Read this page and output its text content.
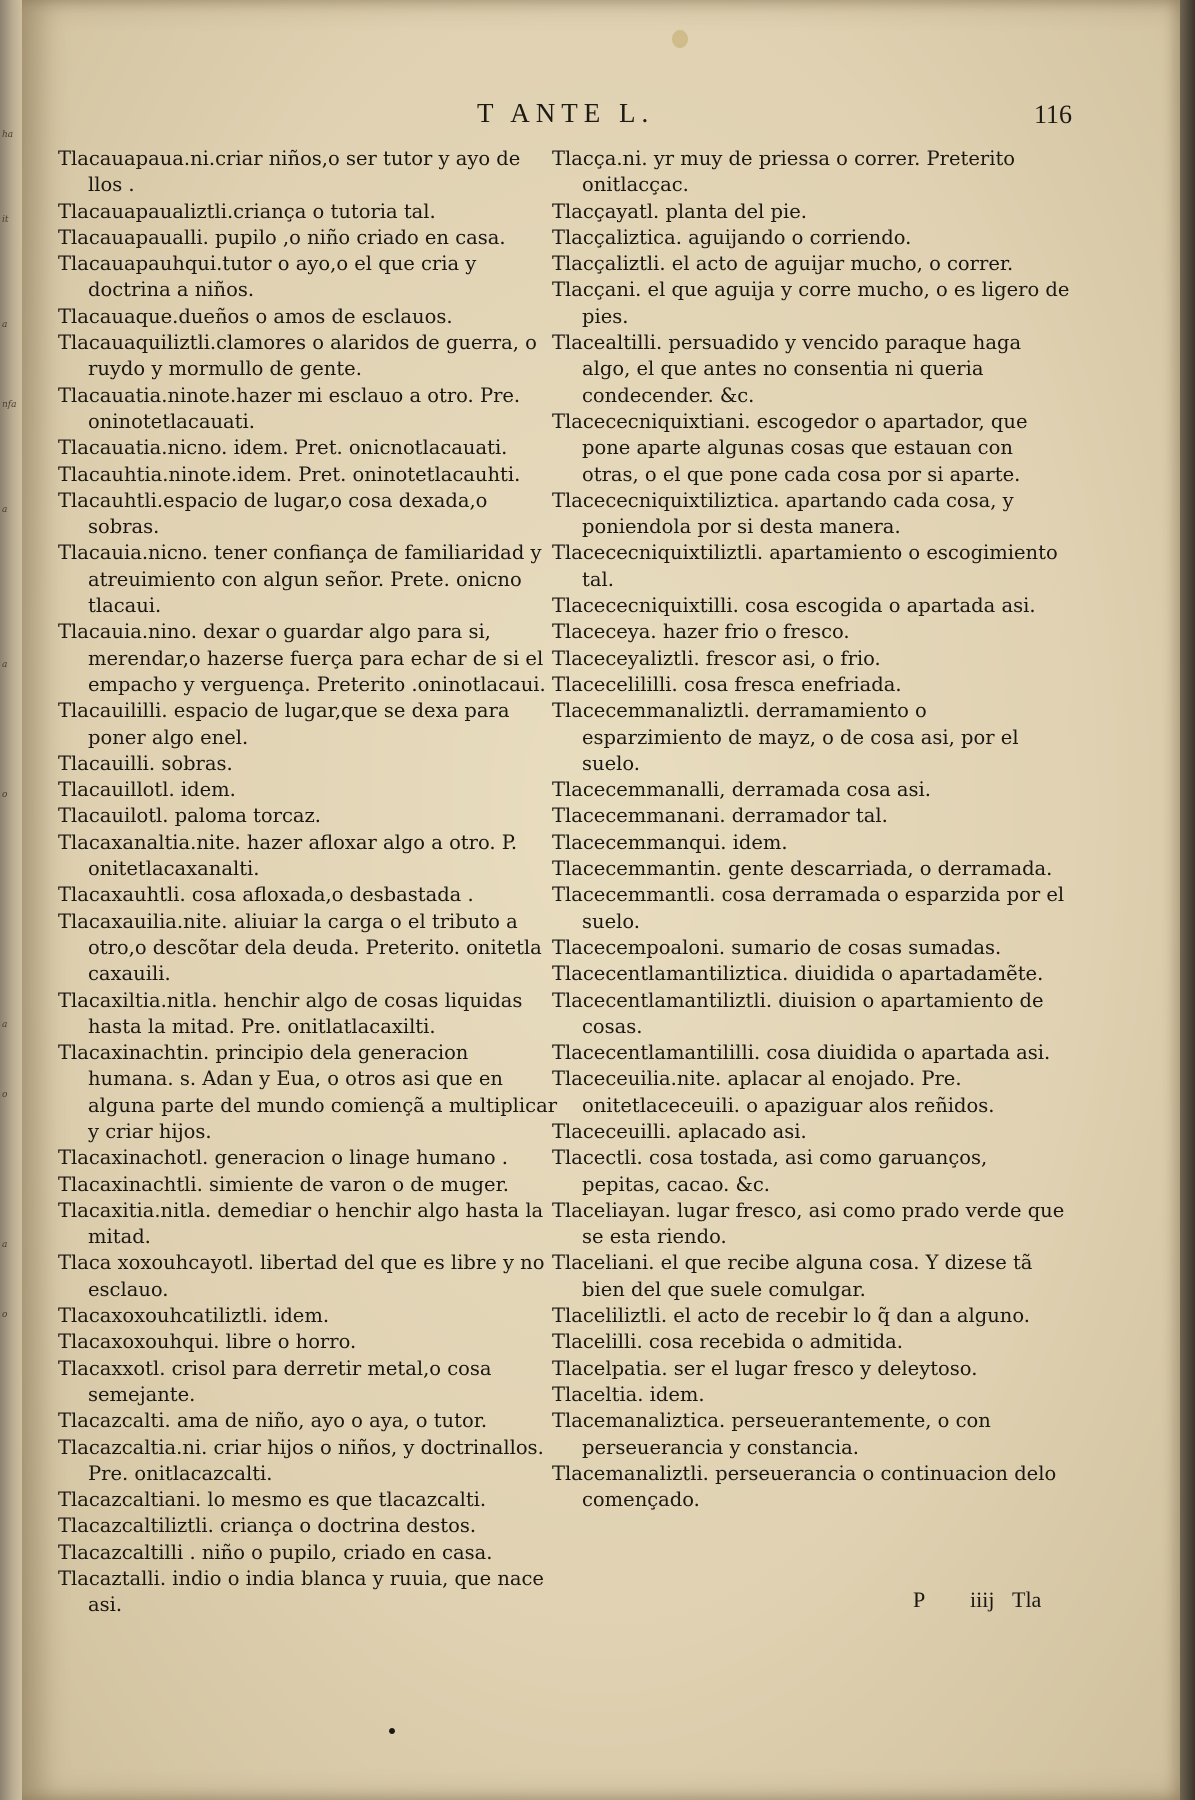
ha
it
a
nfa
a
a
o
a
o
a
o
T ANTE L.	116
Tlacauapaua.ni.criar niños,o ser tutor y ayo de llos .
Tlacauapaualiztli.criança o tutoria tal.
Tlacauapaualli. pupilo ,o niño criado en casa.
Tlacauapauhqui.tutor o ayo,o el que cria y doctrina a niños.
Tlacauaque.dueños o amos de esclauos.
Tlacauaquiliztli.clamores o alaridos de guerra, o ruydo y mormullo de gente.
Tlacauatia.ninote.hazer mi esclauo a otro. Pre. oninotetlacauati.
Tlacauatia.nicno. idem. Pret. onicnotlacauati.
Tlacauhtia.ninote.idem. Pret. oninotetlacauhti.
Tlacauhtli.espacio de lugar,o cosa dexada,o sobras.
Tlacauia.nicno. tener confiança de familiaridad y atreuimiento con algun señor. Prete. onicno tlacaui.
Tlacauia.nino. dexar o guardar algo para si, merendar,o hazerse fuerça para echar de si el empacho y verguença. Preterito .oninotlacaui.
Tlacauililli. espacio de lugar,que se dexa para poner algo enel.
Tlacauilli. sobras.
Tlacauillotl. idem.
Tlacauilotl. paloma torcaz.
Tlacaxanaltia.nite. hazer afloxar algo a otro. P. onitetlacaxanalti.
Tlacaxauhtli. cosa afloxada,o desbastada .
Tlacaxauilia.nite. aliuiar la carga o el tributo a otro,o descõtar dela deuda. Preterito. onitetla caxauili.
Tlacaxiltia.nitla. henchir algo de cosas liquidas hasta la mitad. Pre. onitlatlacaxilti.
Tlacaxinachtin. principio dela generacion humana. s. Adan y Eua, o otros asi que en alguna parte del mundo comiençã a multiplicar y criar hijos.
Tlacaxinachotl. generacion o linage humano .
Tlacaxinachtli. simiente de varon o de muger.
Tlacaxitia.nitla. demediar o henchir algo hasta la mitad.
Tlaca xoxouhcayotl. libertad del que es libre y no esclauo.
Tlacaxoxouhcatiliztli. idem.
Tlacaxoxouhqui. libre o horro.
Tlacaxxotl. crisol para derretir metal,o cosa semejante.
Tlacazcalti. ama de niño, ayo o aya, o tutor.
Tlacazcaltia.ni. criar hijos o niños, y doctrinallos. Pre. onitlacazcalti.
Tlacazcaltiani. lo mesmo es que tlacazcalti.
Tlacazcaltiliztli. criança o doctrina destos.
Tlacazcaltilli . niño o pupilo, criado en casa.
Tlacaztalli. indio o india blanca y ruuia, que nace asi.
Tlacça.ni. yr muy de priessa o correr. Preterito onitlacçac.
Tlacçayatl. planta del pie.
Tlacçaliztica. aguijando o corriendo.
Tlacçaliztli. el acto de aguijar mucho, o correr.
Tlacçani. el que aguija y corre mucho, o es ligero de pies.
Tlacealtilli. persuadido y vencido paraque haga algo, el que antes no consentia ni queria condecender. &c.
Tlacececniquixtiani. escogedor o apartador, que pone aparte algunas cosas que estauan con otras, o el que pone cada cosa por si aparte.
Tlacececniquixtiliztica. apartando cada cosa, y poniendola por si desta manera.
Tlacececniquixtiliztli. apartamiento o escogimiento tal.
Tlacececniquixtilli. cosa escogida o apartada asi.
Tlaceceya. hazer frio o fresco.
Tlaceceyaliztli. frescor asi, o frio.
Tlacecelililli. cosa fresca enefriada.
Tlacecemmanaliztli. derramamiento o esparzimiento de mayz, o de cosa asi, por el suelo.
Tlacecemmanalli, derramada cosa asi.
Tlacecemmanani. derramador tal.
Tlacecemmanqui. idem.
Tlacecemmantin. gente descarriada, o derramada.
Tlacecemmantli. cosa derramada o esparzida por el suelo.
Tlacecempoaloni. sumario de cosas sumadas.
Tlacecentlamantiliztica. diuidida o apartadamẽte.
Tlacecentlamantiliztli. diuision o apartamiento de cosas.
Tlacecentlamantililli. cosa diuidida o apartada asi.
Tlaceceuilia.nite. aplacar al enojado. Pre. onitetlaceceuili. o apaziguar alos reñidos.
Tlaceceuilli. aplacado asi.
Tlacectli. cosa tostada, asi como garuanços, pepitas, cacao. &c.
Tlaceliayan. lugar fresco, asi como prado verde que se esta riendo.
Tlaceliani. el que recibe alguna cosa. Y dizese tã bien del que suele comulgar.
Tlaceliliztli. el acto de recebir lo q̃ dan a alguno.
Tlacelilli. cosa recebida o admitida.
Tlacelpatia. ser el lugar fresco y deleytoso.
Tlaceltia. idem.
Tlacemanaliztica. perseuerantemente, o con perseuerancia y constancia.
Tlacemanaliztli. perseuerancia o continuacion delo començado.
P iiij Tla
